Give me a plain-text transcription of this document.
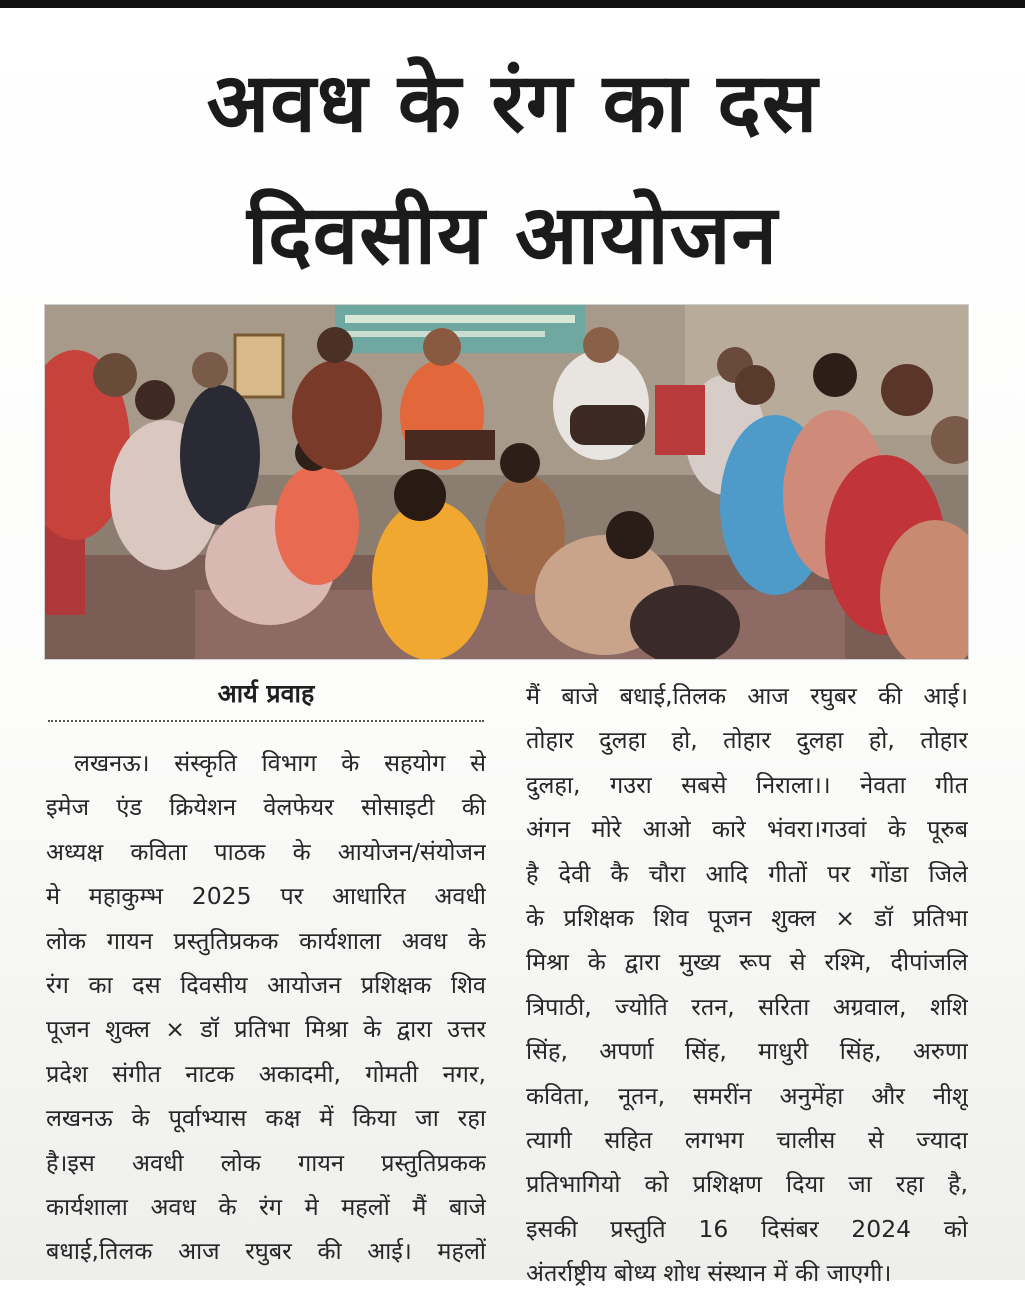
अवध के रंग का दस
दिवसीय आयोजन
आर्य प्रवाह
लखनऊ। संस्कृति विभाग के सहयोग से
इमेज एंड क्रियेशन वेलफेयर सोसाइटी की
अध्यक्ष कविता पाठक के आयोजन/संयोजन
मे महाकुम्भ 2025 पर आधारित अवधी
लोक गायन प्रस्तुतिप्रकक कार्यशाला अवध के
रंग का दस दिवसीय आयोजन प्रशिक्षक शिव
पूजन शुक्ल × डॉ प्रतिभा मिश्रा के द्वारा उत्तर
प्रदेश संगीत नाटक अकादमी, गोमती नगर,
लखनऊ के पूर्वाभ्यास कक्ष में किया जा रहा
है।इस अवधी लोक गायन प्रस्तुतिप्रकक
कार्यशाला अवध के रंग मे महलों मैं बाजे
बधाई,तिलक आज रघुबर की आई। महलों
मैं बाजे बधाई,तिलक आज रघुबर की आई।
तोहार दुलहा हो, तोहार दुलहा हो, तोहार
दुलहा, गउरा सबसे निराला।। नेवता गीत
अंगन मोरे आओ कारे भंवरा।गउवां के पूरुब
है देवी कै चौरा आदि गीतों पर गोंडा जिले
के प्रशिक्षक शिव पूजन शुक्ल × डॉ प्रतिभा
मिश्रा के द्वारा मुख्य रूप से रश्मि, दीपांजलि
त्रिपाठी, ज्योति रतन, सरिता अग्रवाल, शशि
सिंह, अपर्णा सिंह, माधुरी सिंह, अरुणा
कविता, नूतन, समरींन अनुमेंहा और नीशू
त्यागी सहित लगभग चालीस से ज्यादा
प्रतिभागियो को प्रशिक्षण दिया जा रहा है,
इसकी प्रस्तुति 16 दिसंबर 2024 को
अंतर्राष्ट्रीय बोध्य शोध संस्थान में की जाएगी।
